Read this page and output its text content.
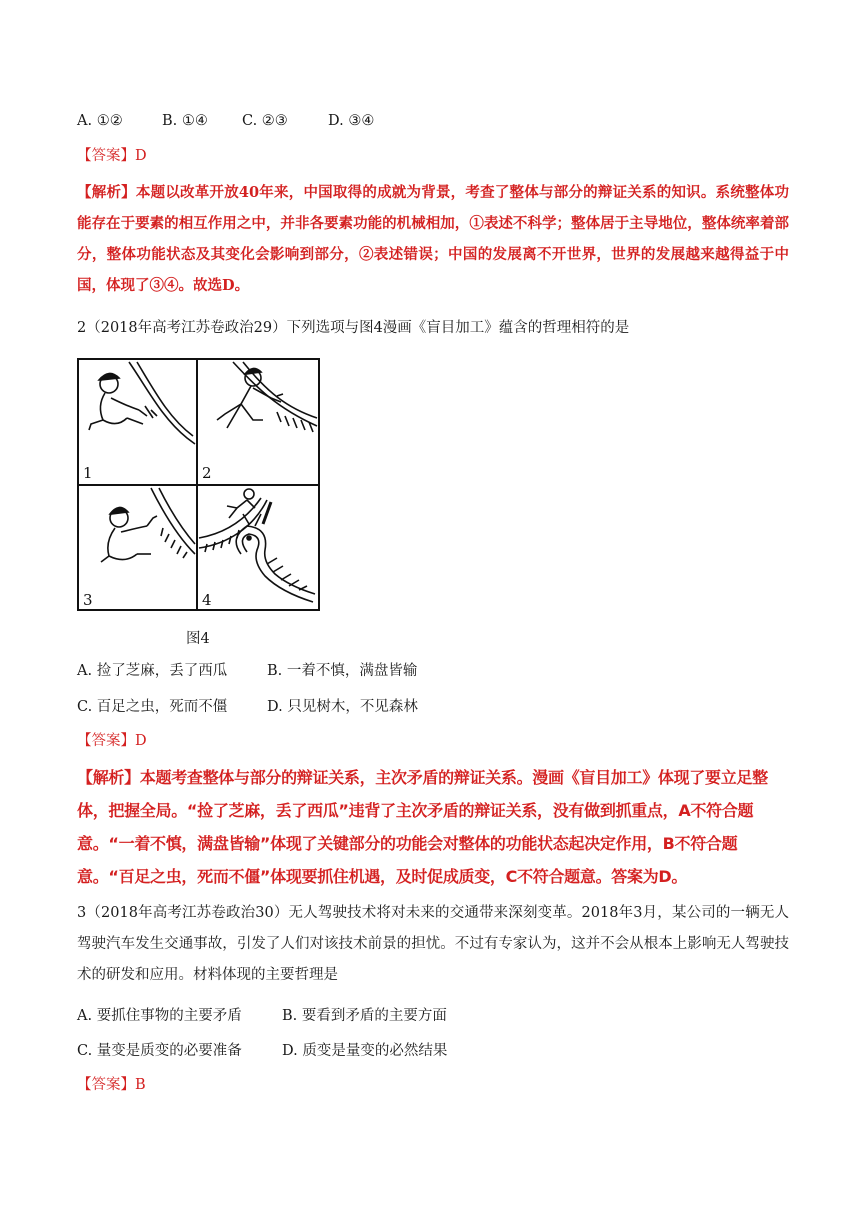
A. ①②	B. ①④ C. ②③	D. ③④
【答案】D
【解析】本题以改革开放40年来，中国取得的成就为背景，考查了整体与部分的辩证关系的知识。系统整体功能存在于要素的相互作用之中，并非各要素功能的机械相加，①表述不科学；整体居于主导地位，整体统率着部分，整体功能状态及其变化会影响到部分，②表述错误；中国的发展离不开世界，世界的发展越来越得益于中国，体现了③④。故选D。
2（2018年高考江苏卷政治29）下列选项与图4漫画《盲目加工》蕴含的哲理相符的是
1	2
3	4
图4
A. 捡了芝麻，丢了西瓜	B. 一着不慎，满盘皆输
C. 百足之虫，死而不僵	D. 只见树木，不见森林
【答案】D
【解析】本题考查整体与部分的辩证关系，主次矛盾的辩证关系。漫画《盲目加工》体现了要立足整体，把握全局。“捡了芝麻，丢了西瓜”违背了主次矛盾的辩证关系，没有做到抓重点，A不符合题意。“一着不慎，满盘皆输”体现了关键部分的功能会对整体的功能状态起决定作用，B不符合题意。“百足之虫，死而不僵”体现要抓住机遇，及时促成质变，C不符合题意。答案为D。
3（2018年高考江苏卷政治30）无人驾驶技术将对未来的交通带来深刻变革。2018年3月，某公司的一辆无人驾驶汽车发生交通事故，引发了人们对该技术前景的担忧。不过有专家认为，这并不会从根本上影响无人驾驶技术的研发和应用。材料体现的主要哲理是
A. 要抓住事物的主要矛盾	B. 要看到矛盾的主要方面
C. 量变是质变的必要准备	D. 质变是量变的必然结果
【答案】B
